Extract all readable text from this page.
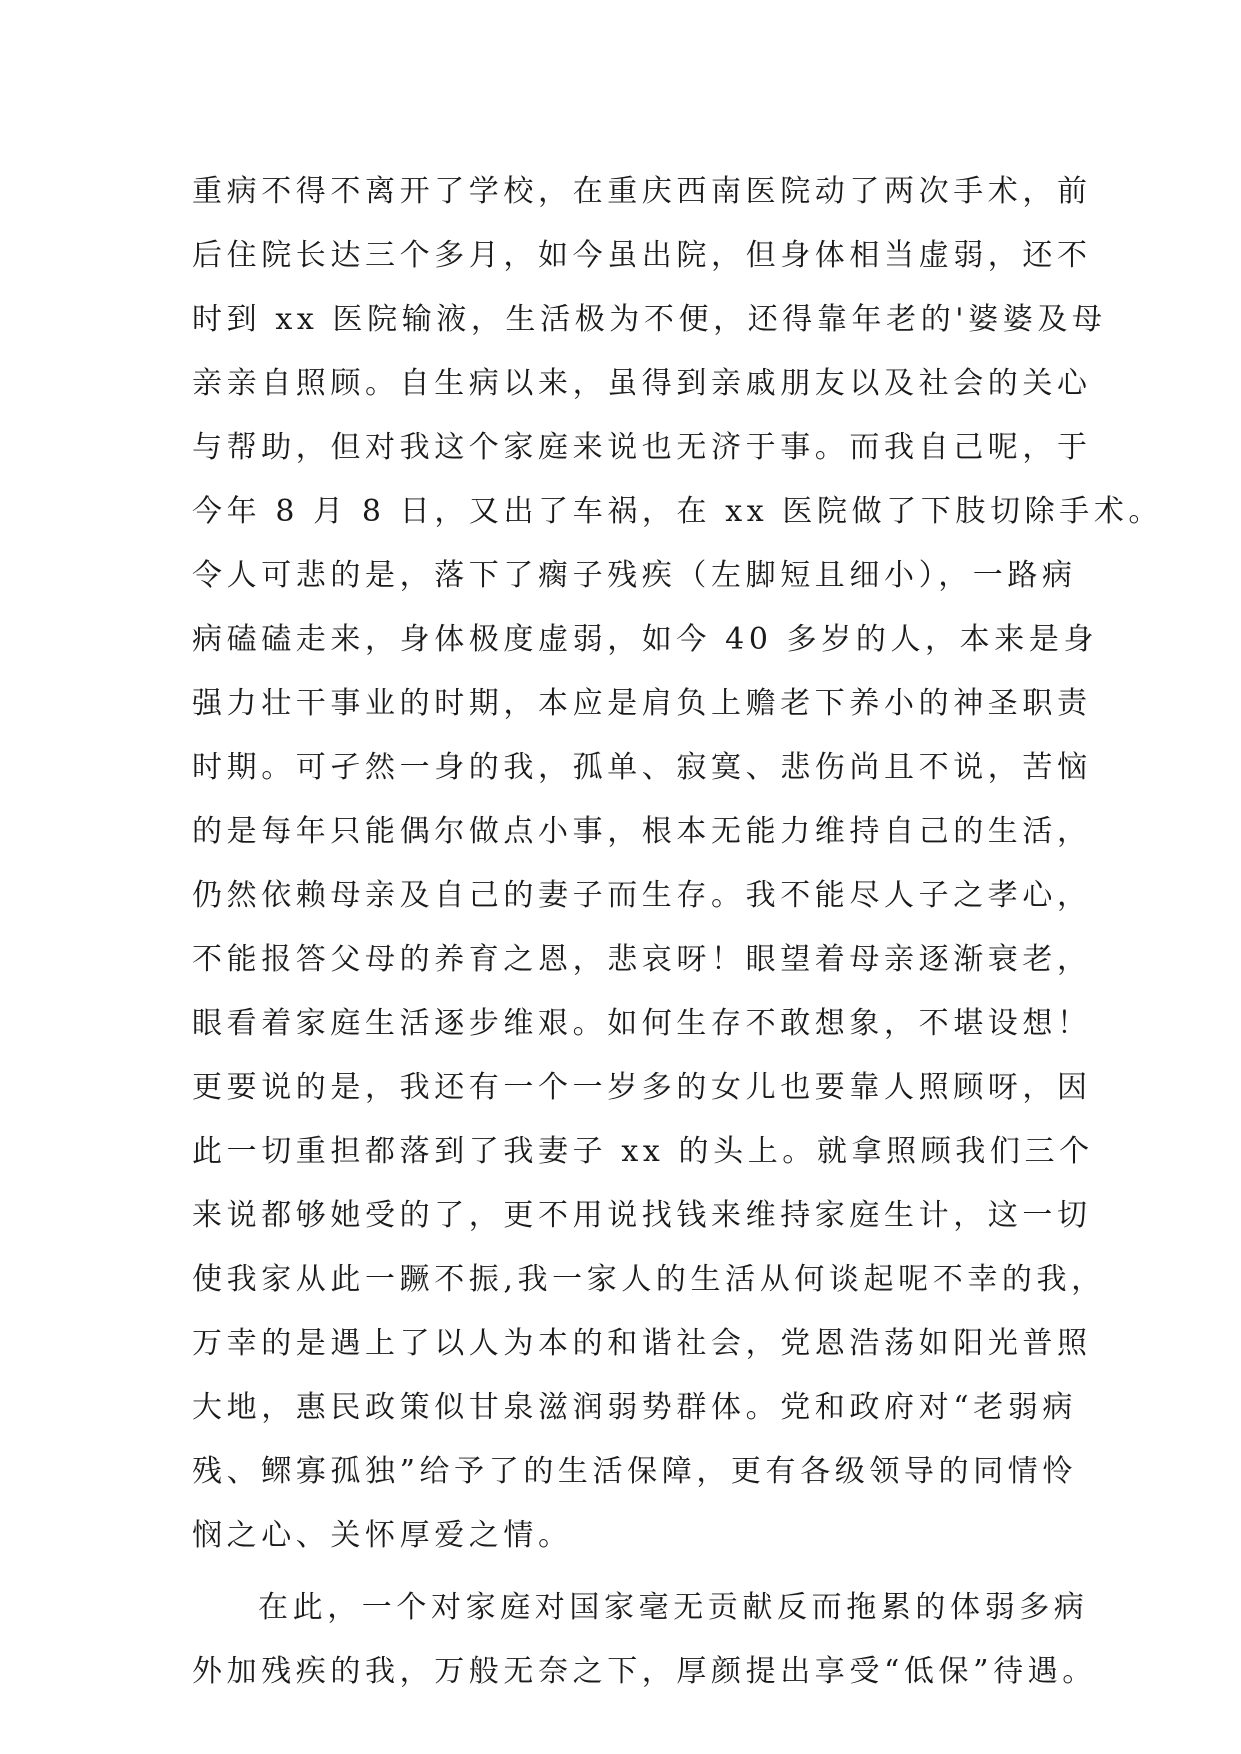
重病不得不离开了学校，在重庆西南医院动了两次手术，前
后住院长达三个多月，如今虽出院，但身体相当虚弱，还不
时到 xx 医院输液，生活极为不便，还得靠年老的'婆婆及母
亲亲自照顾。自生病以来，虽得到亲戚朋友以及社会的关心
与帮助，但对我这个家庭来说也无济于事。而我自己呢，于
今年 8 月 8 日，又出了车祸，在 xx 医院做了下肢切除手术。
令人可悲的是，落下了瘸子残疾（左脚短且细小），一路病
病磕磕走来，身体极度虚弱，如今 40 多岁的人，本来是身
强力壮干事业的时期，本应是肩负上赡老下养小的神圣职责
时期。可孑然一身的我，孤单、寂寞、悲伤尚且不说，苦恼
的是每年只能偶尔做点小事，根本无能力维持自己的生活，
仍然依赖母亲及自己的妻子而生存。我不能尽人子之孝心，
不能报答父母的养育之恩，悲哀呀！眼望着母亲逐渐衰老，
眼看着家庭生活逐步维艰。如何生存不敢想象，不堪设想！
更要说的是，我还有一个一岁多的女儿也要靠人照顾呀，因
此一切重担都落到了我妻子 xx 的头上。就拿照顾我们三个
来说都够她受的了，更不用说找钱来维持家庭生计，这一切
使我家从此一蹶不振,我一家人的生活从何谈起呢不幸的我，
万幸的是遇上了以人为本的和谐社会，党恩浩荡如阳光普照
大地，惠民政策似甘泉滋润弱势群体。党和政府对“老弱病
残、鳏寡孤独”给予了的生活保障，更有各级领导的同情怜
悯之心、关怀厚爱之情。
在此，一个对家庭对国家毫无贡献反而拖累的体弱多病
外加残疾的我，万般无奈之下，厚颜提出享受“低保”待遇。
